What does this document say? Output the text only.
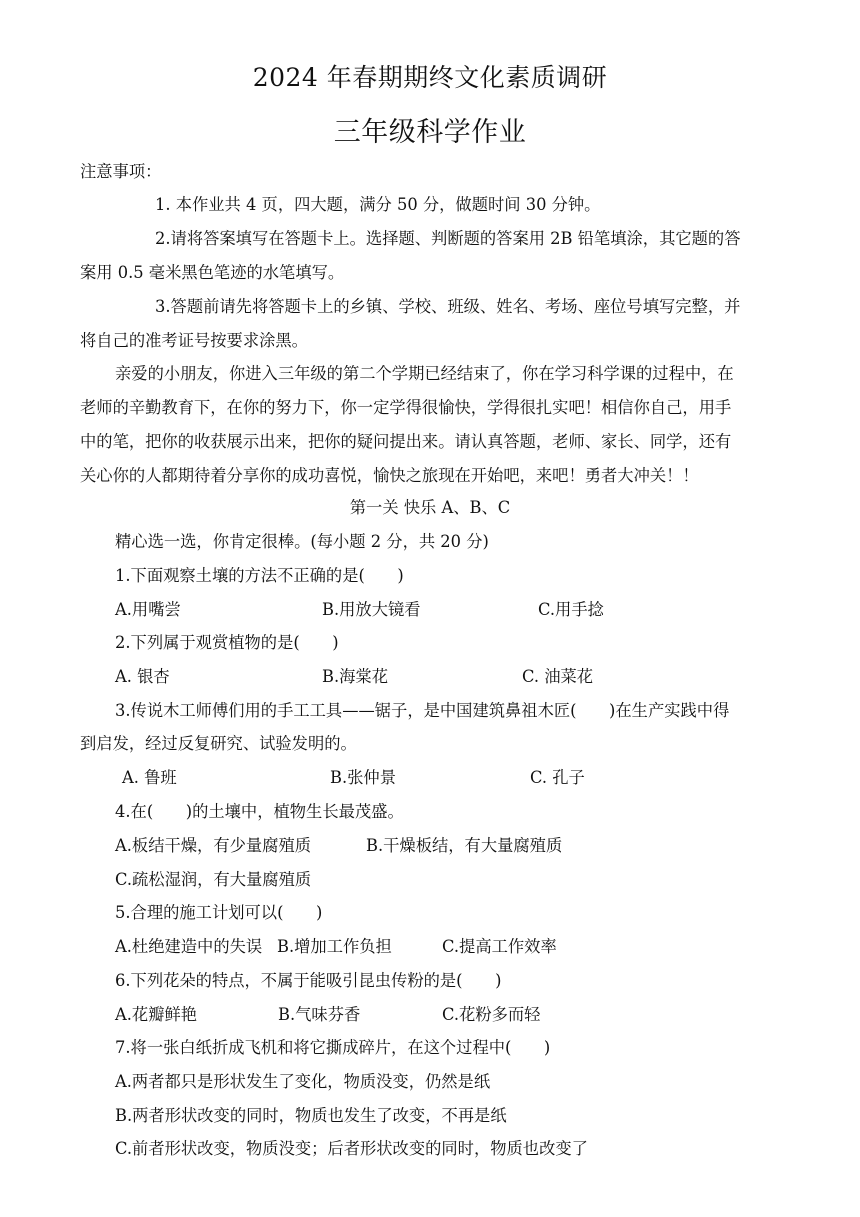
2024 年春期期终文化素质调研
三年级科学作业
注意事项：
1. 本作业共 4 页，四大题，满分 50 分，做题时间 30 分钟。
2.请将答案填写在答题卡上。选择题、判断题的答案用 2B 铅笔填涂，其它题的答
案用 0.5 毫米黑色笔迹的水笔填写。
3.答题前请先将答题卡上的乡镇、学校、班级、姓名、考场、座位号填写完整，并
将自己的准考证号按要求涂黑。
亲爱的小朋友，你进入三年级的第二个学期已经结束了，你在学习科学课的过程中，在
老师的辛勤教育下，在你的努力下，你一定学得很愉快，学得很扎实吧！相信你自己，用手
中的笔，把你的收获展示出来，把你的疑问提出来。请认真答题，老师、家长、同学，还有
关心你的人都期待着分享你的成功喜悦，愉快之旅现在开始吧，来吧！勇者大冲关！！
第一关 快乐 A、B、C
精心选一选，你肯定很棒。(每小题 2 分，共 20 分)
1.下面观察土壤的方法不正确的是(　　)
A.用嘴尝	B.用放大镜看	C.用手捻
2.下列属于观赏植物的是(　　)
A. 银杏	B.海棠花	C. 油菜花
3.传说木工师傅们用的手工工具——锯子，是中国建筑鼻祖木匠(　　)在生产实践中得
到启发，经过反复研究、试验发明的。
A. 鲁班	B.张仲景	C. 孔子
4.在(　　)的土壤中，植物生长最茂盛。
A.板结干燥，有少量腐殖质	B.干燥板结，有大量腐殖质
C.疏松湿润，有大量腐殖质
5.合理的施工计划可以(　　)
A.杜绝建造中的失误 B.增加工作负担	C.提高工作效率
6.下列花朵的特点，不属于能吸引昆虫传粉的是(　　)
A.花瓣鲜艳	B.气味芬香	C.花粉多而轻
7.将一张白纸折成飞机和将它撕成碎片，在这个过程中(　　)
A.两者都只是形状发生了变化，物质没变，仍然是纸
B.两者形状改变的同时，物质也发生了改变，不再是纸
C.前者形状改变，物质没变；后者形状改变的同时，物质也改变了
